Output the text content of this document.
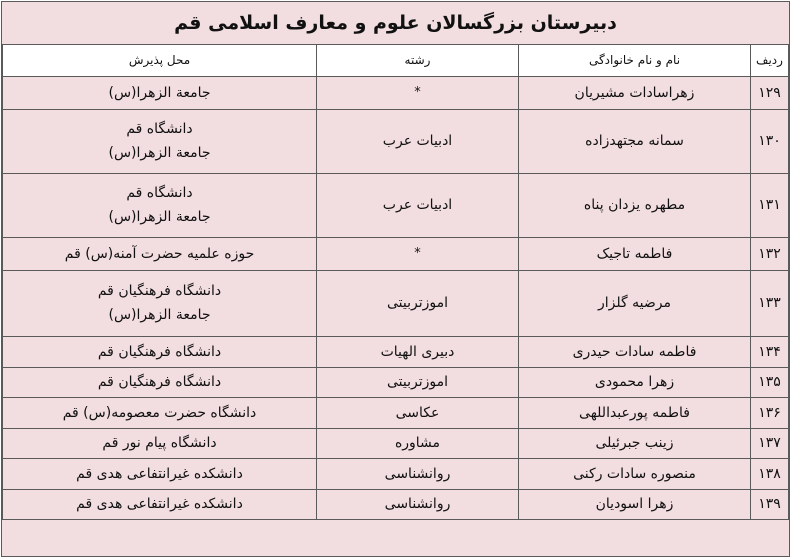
دبیرستان بزرگسالان علوم و معارف اسلامی قم
ردیف	نام و نام خانوادگی	رشته	محل پذیرش
۱۲۹	زهراسادات مشیریان	*	جامعة الزهرا(س)

۱۳۰	سمانه مجتهدزاده	ادبیات عرب	دانشگاه قم
جامعة الزهرا(س)

۱۳۱	مطهره یزدان پناه	ادبیات عرب	دانشگاه قم
جامعة الزهرا(س)

۱۳۲	فاطمه تاجیک	*	حوزه علمیه حضرت آمنه(س) قم

۱۳۳	مرضیه گلزار	اموزتربیتی	دانشگاه فرهنگیان قم
جامعة الزهرا(س)

۱۳۴	فاطمه سادات حیدری	دبیری الهیات	دانشگاه فرهنگیان قم

۱۳۵	زهرا محمودی	اموزتربیتی	دانشگاه فرهنگیان قم

۱۳۶	فاطمه پورعبداللهی	عکاسی	دانشگاه حضرت معصومه(س) قم

۱۳۷	زینب جبرئیلی	مشاوره	دانشگاه پیام نور قم

۱۳۸	منصوره سادات رکنی	روانشناسی	دانشکده غیرانتفاعی هدی قم

۱۳۹	زهرا اسودیان	روانشناسی	دانشکده غیرانتفاعی هدی قم
